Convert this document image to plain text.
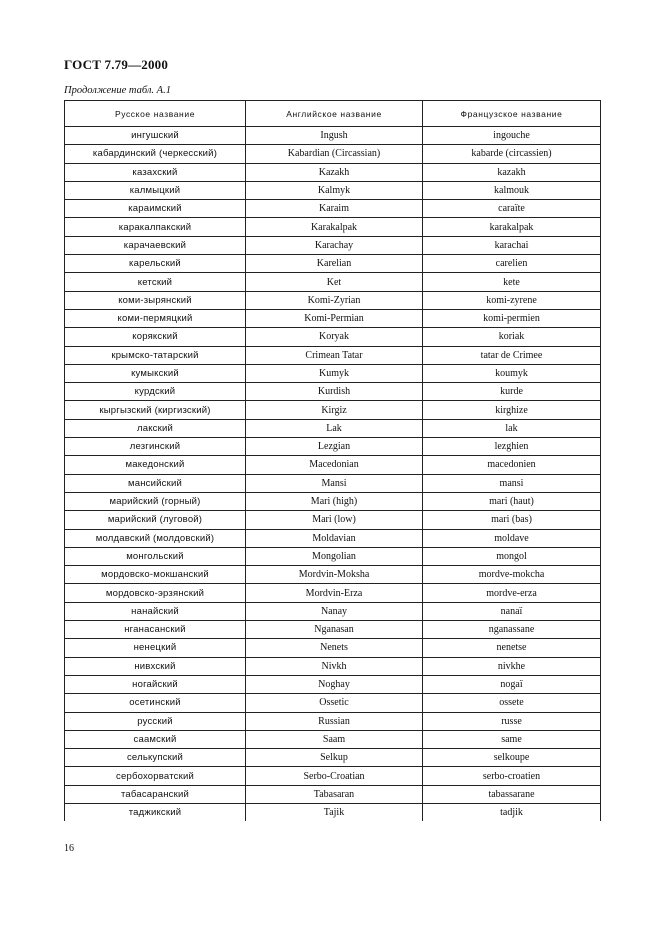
ГОСТ 7.79—2000
Продолжение табл. А.1
Русское название	Английское название	Французское название
ингушский	Ingush	ingouche
кабардинский (черкесский)	Kabardian (Circassian)	kabarde (circassien)
казахский	Kazakh	kazakh
калмыцкий	Kalmyk	kalmouk
караимский	Karaim	caraïte
каракалпакский	Karakalpak	karakalpak
карачаевский	Karachay	karachai
карельский	Karelian	carelien
кетский	Ket	kete
коми-зырянский	Komi-Zyrian	komi-zyrene
коми-пермяцкий	Komi-Permian	komi-permien
корякский	Koryak	koriak
крымско-татарский	Crimean Tatar	tatar de Crimee
кумыкский	Kumyk	koumyk
курдский	Kurdish	kurde
кыргызский (киргизский)	Kirgiz	kirghize
лакский	Lak	lak
лезгинский	Lezgian	lezghien
македонский	Macedonian	macedonien
мансийский	Mansi	mansi
марийский (горный)	Mari (high)	mari (haut)
марийский (луговой)	Mari (low)	mari (bas)
молдавский (молдовский)	Moldavian	moldave
монгольский	Mongolian	mongol
мордовско-мокшанский	Mordvin-Moksha	mordve-mokcha
мордовско-эрзянский	Mordvin-Erza	mordve-erza
нанайский	Nanay	nanaï
нганасанский	Nganasan	nganassane
ненецкий	Nenets	nenetse
нивхский	Nivkh	nivkhe
ногайский	Noghay	nogaï
осетинский	Ossetic	ossete
русский	Russian	russe
саамский	Saam	same
селькупский	Selkup	selkoupe
сербохорватский	Serbo-Croatian	serbo-croatien
табасаранский	Tabasaran	tabassarane
таджикский	Tajik	tadjik
16
